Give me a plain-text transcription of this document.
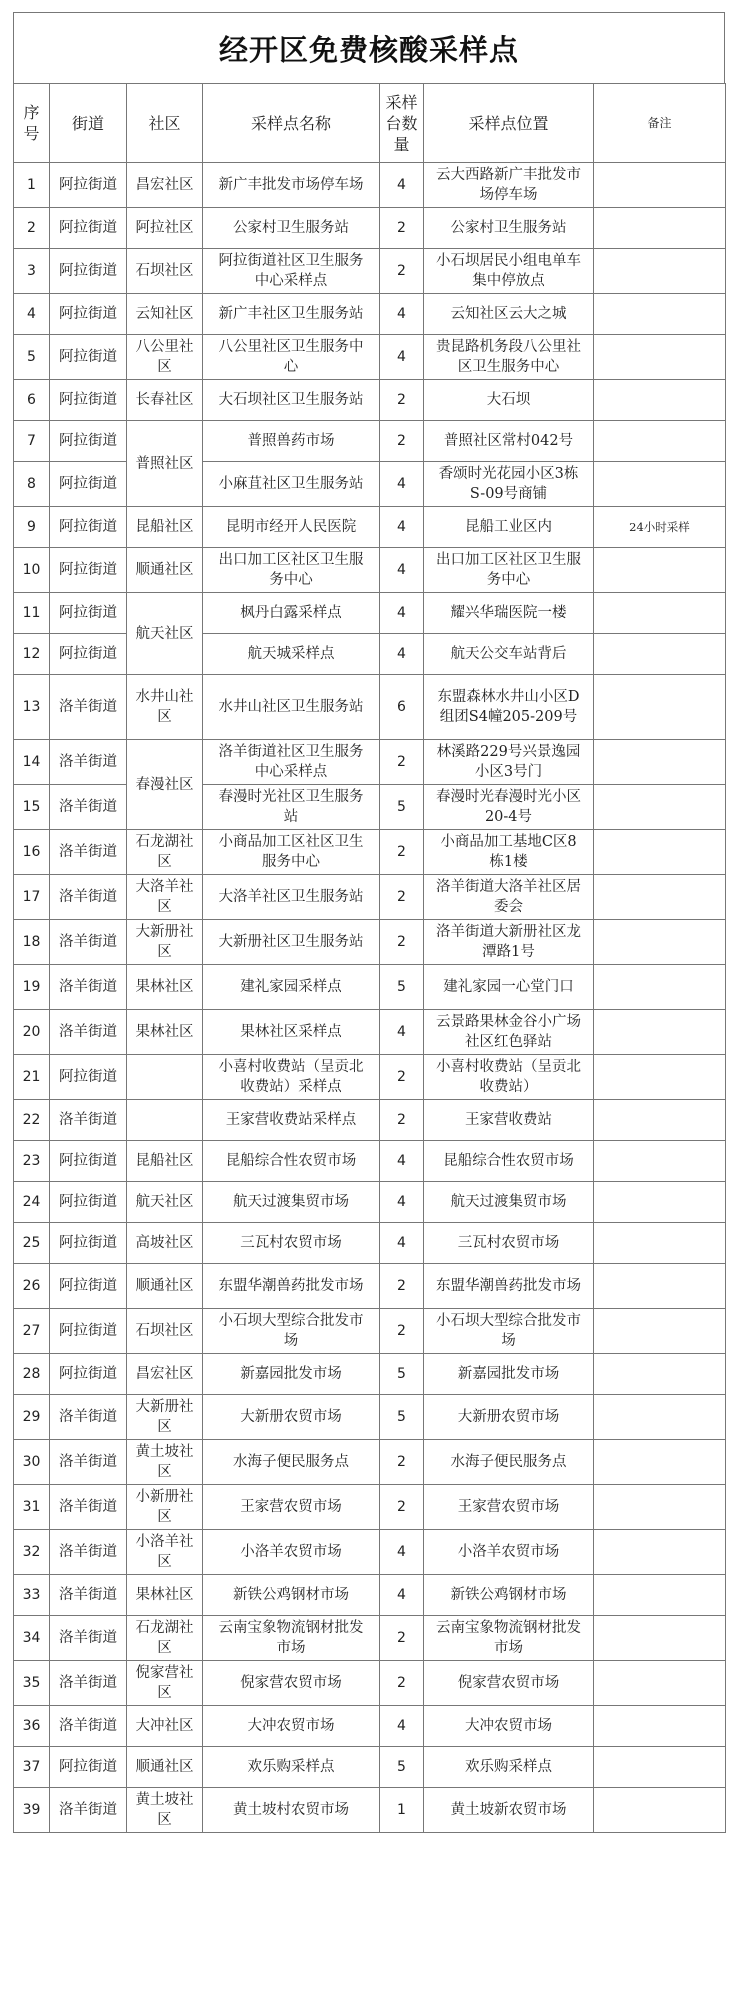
经开区免费核酸采样点
序号	街道	社区	采样点名称	采样台数量	采样点位置	备注
1	阿拉街道	昌宏社区	新广丰批发市场停车场	4	云大西路新广丰批发市场停车场	
2	阿拉街道	阿拉社区	公家村卫生服务站	2	公家村卫生服务站	
3	阿拉街道	石坝社区	阿拉街道社区卫生服务中心采样点	2	小石坝居民小组电单车集中停放点	
4	阿拉街道	云知社区	新广丰社区卫生服务站	4	云知社区云大之城	
5	阿拉街道	八公里社区	八公里社区卫生服务中心	4	贵昆路机务段八公里社区卫生服务中心	
6	阿拉街道	长春社区	大石坝社区卫生服务站	2	大石坝	
7	阿拉街道	普照社区	普照兽药市场	2	普照社区常村042号	
8	阿拉街道		小麻苴社区卫生服务站	4	香颂时光花园小区3栋S-09号商铺	
9	阿拉街道	昆船社区	昆明市经开人民医院	4	昆船工业区内	24小时采样
10	阿拉街道	顺通社区	出口加工区社区卫生服务中心	4	出口加工区社区卫生服务中心	
11	阿拉街道	航天社区	枫丹白露采样点	4	耀兴华瑞医院一楼	
12	阿拉街道		航天城采样点	4	航天公交车站背后	
13	洛羊街道	水井山社区	水井山社区卫生服务站	6	东盟森林水井山小区D组团S4幢205-209号	
14	洛羊街道	春漫社区	洛羊街道社区卫生服务中心采样点	2	林溪路229号兴景逸园小区3号门	
15	洛羊街道		春漫时光社区卫生服务站	5	春漫时光春漫时光小区20-4号	
16	洛羊街道	石龙湖社区	小商品加工区社区卫生服务中心	2	小商品加工基地C区8栋1楼	
17	洛羊街道	大洛羊社区	大洛羊社区卫生服务站	2	洛羊街道大洛羊社区居委会	
18	洛羊街道	大新册社区	大新册社区卫生服务站	2	洛羊街道大新册社区龙潭路1号	
19	洛羊街道	果林社区	建礼家园采样点	5	建礼家园一心堂门口	
20	洛羊街道	果林社区	果林社区采样点	4	云景路果林金谷小广场社区红色驿站	
21	阿拉街道		小喜村收费站（呈贡北收费站）采样点	2	小喜村收费站（呈贡北收费站）	
22	洛羊街道		王家营收费站采样点	2	王家营收费站	
23	阿拉街道	昆船社区	昆船综合性农贸市场	4	昆船综合性农贸市场	
24	阿拉街道	航天社区	航天过渡集贸市场	4	航天过渡集贸市场	
25	阿拉街道	高坡社区	三瓦村农贸市场	4	三瓦村农贸市场	
26	阿拉街道	顺通社区	东盟华潮兽药批发市场	2	东盟华潮兽药批发市场	
27	阿拉街道	石坝社区	小石坝大型综合批发市场	2	小石坝大型综合批发市场	
28	阿拉街道	昌宏社区	新嘉园批发市场	5	新嘉园批发市场	
29	洛羊街道	大新册社区	大新册农贸市场	5	大新册农贸市场	
30	洛羊街道	黄土坡社区	水海子便民服务点	2	水海子便民服务点	
31	洛羊街道	小新册社区	王家营农贸市场	2	王家营农贸市场	
32	洛羊街道	小洛羊社区	小洛羊农贸市场	4	小洛羊农贸市场	
33	洛羊街道	果林社区	新铁公鸡钢材市场	4	新铁公鸡钢材市场	
34	洛羊街道	石龙湖社区	云南宝象物流钢材批发市场	2	云南宝象物流钢材批发市场	
35	洛羊街道	倪家营社区	倪家营农贸市场	2	倪家营农贸市场	
36	洛羊街道	大冲社区	大冲农贸市场	4	大冲农贸市场	
37	阿拉街道	顺通社区	欢乐购采样点	5	欢乐购采样点	
39	洛羊街道	黄土坡社区	黄土坡村农贸市场	1	黄土坡新农贸市场	
